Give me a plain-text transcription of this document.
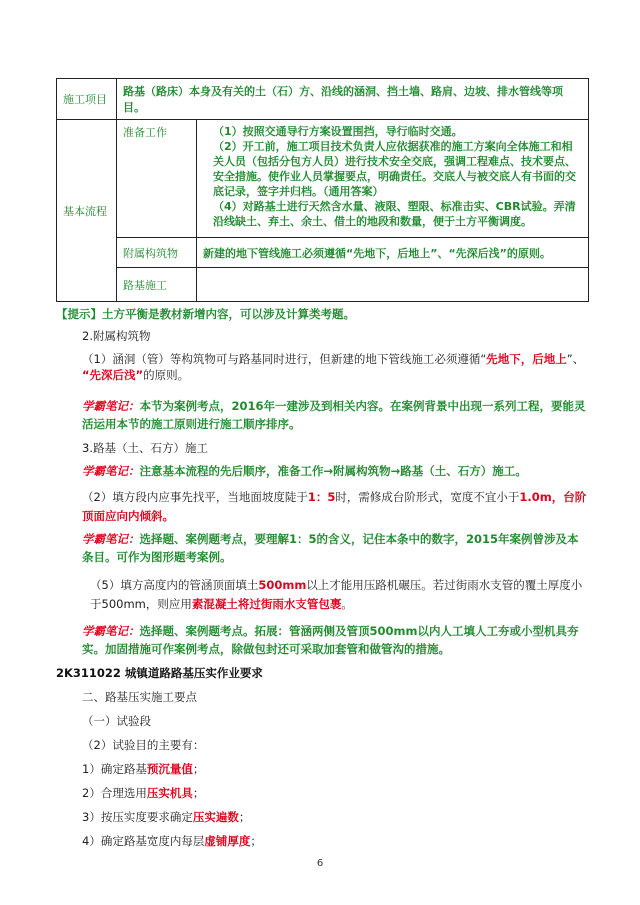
施工项目	路基（路床）本身及有关的土（石）方、沿线的涵洞、挡土墙、路肩、边坡、排水管线等项目。	
基本流程	准备工作	（1）按照交通导行方案设置围挡，导行临时交通。
（2）开工前，施工项目技术负责人应依据获准的施工方案向全体施工和相关人员（包括分包方人员）进行技术安全交底，强调工程难点、技术要点、安全措施。使作业人员掌握要点，明确责任。交底人与被交底人有书面的交底记录，签字并归档。（通用答案）
（4）对路基土进行天然含水量、液限、塑限、标准击实、CBR试验。弄清沿线缺土、弃土、余土、借土的地段和数量，便于土方平衡调度。

	附属构筑物	新建的地下管线施工必须遵循“先地下，后地上”、“先深后浅”的原则。
	路基施工	
【提示】土方平衡是教材新增内容，可以涉及计算类考题。
2.附属构筑物
（1）涵洞（管）等构筑物可与路基同时进行，但新建的地下管线施工必须遵循“先地下，后地上”、
“先深后浅”的原则。
学霸笔记：本节为案例考点，2016年一建涉及到相关内容。在案例背景中出现一系列工程，要能灵活运用本节的施工原则进行施工顺序排序。
3.路基（土、石方）施工
学霸笔记：注意基本流程的先后顺序，准备工作→附属构筑物→路基（土、石方）施工。
（2）填方段内应事先找平，当地面坡度陡于1：5时，需修成台阶形式，宽度不宜小于1.0m，台阶顶面应向内倾斜。
学霸笔记：选择题、案例题考点，要理解1：5的含义，记住本条中的数字，2015年案例曾涉及本条目。可作为图形题考案例。
（5）填方高度内的管涵顶面填土500mm以上才能用压路机碾压。若过街雨水支管的覆土厚度小于500mm，则应用素混凝土将过街雨水支管包裹。
学霸笔记：选择题、案例题考点。拓展：管涵两侧及管顶500mm以内人工填人工夯或小型机具夯实。加固措施可作案例考点，除做包封还可采取加套管和做管沟的措施。
2K311022 城镇道路路基压实作业要求
二、路基压实施工要点
（一）试验段
（2）试验目的主要有：
1）确定路基预沉量值；
2）合理选用压实机具；
3）按压实度要求确定压实遍数；
4）确定路基宽度内每层虚铺厚度；
6
